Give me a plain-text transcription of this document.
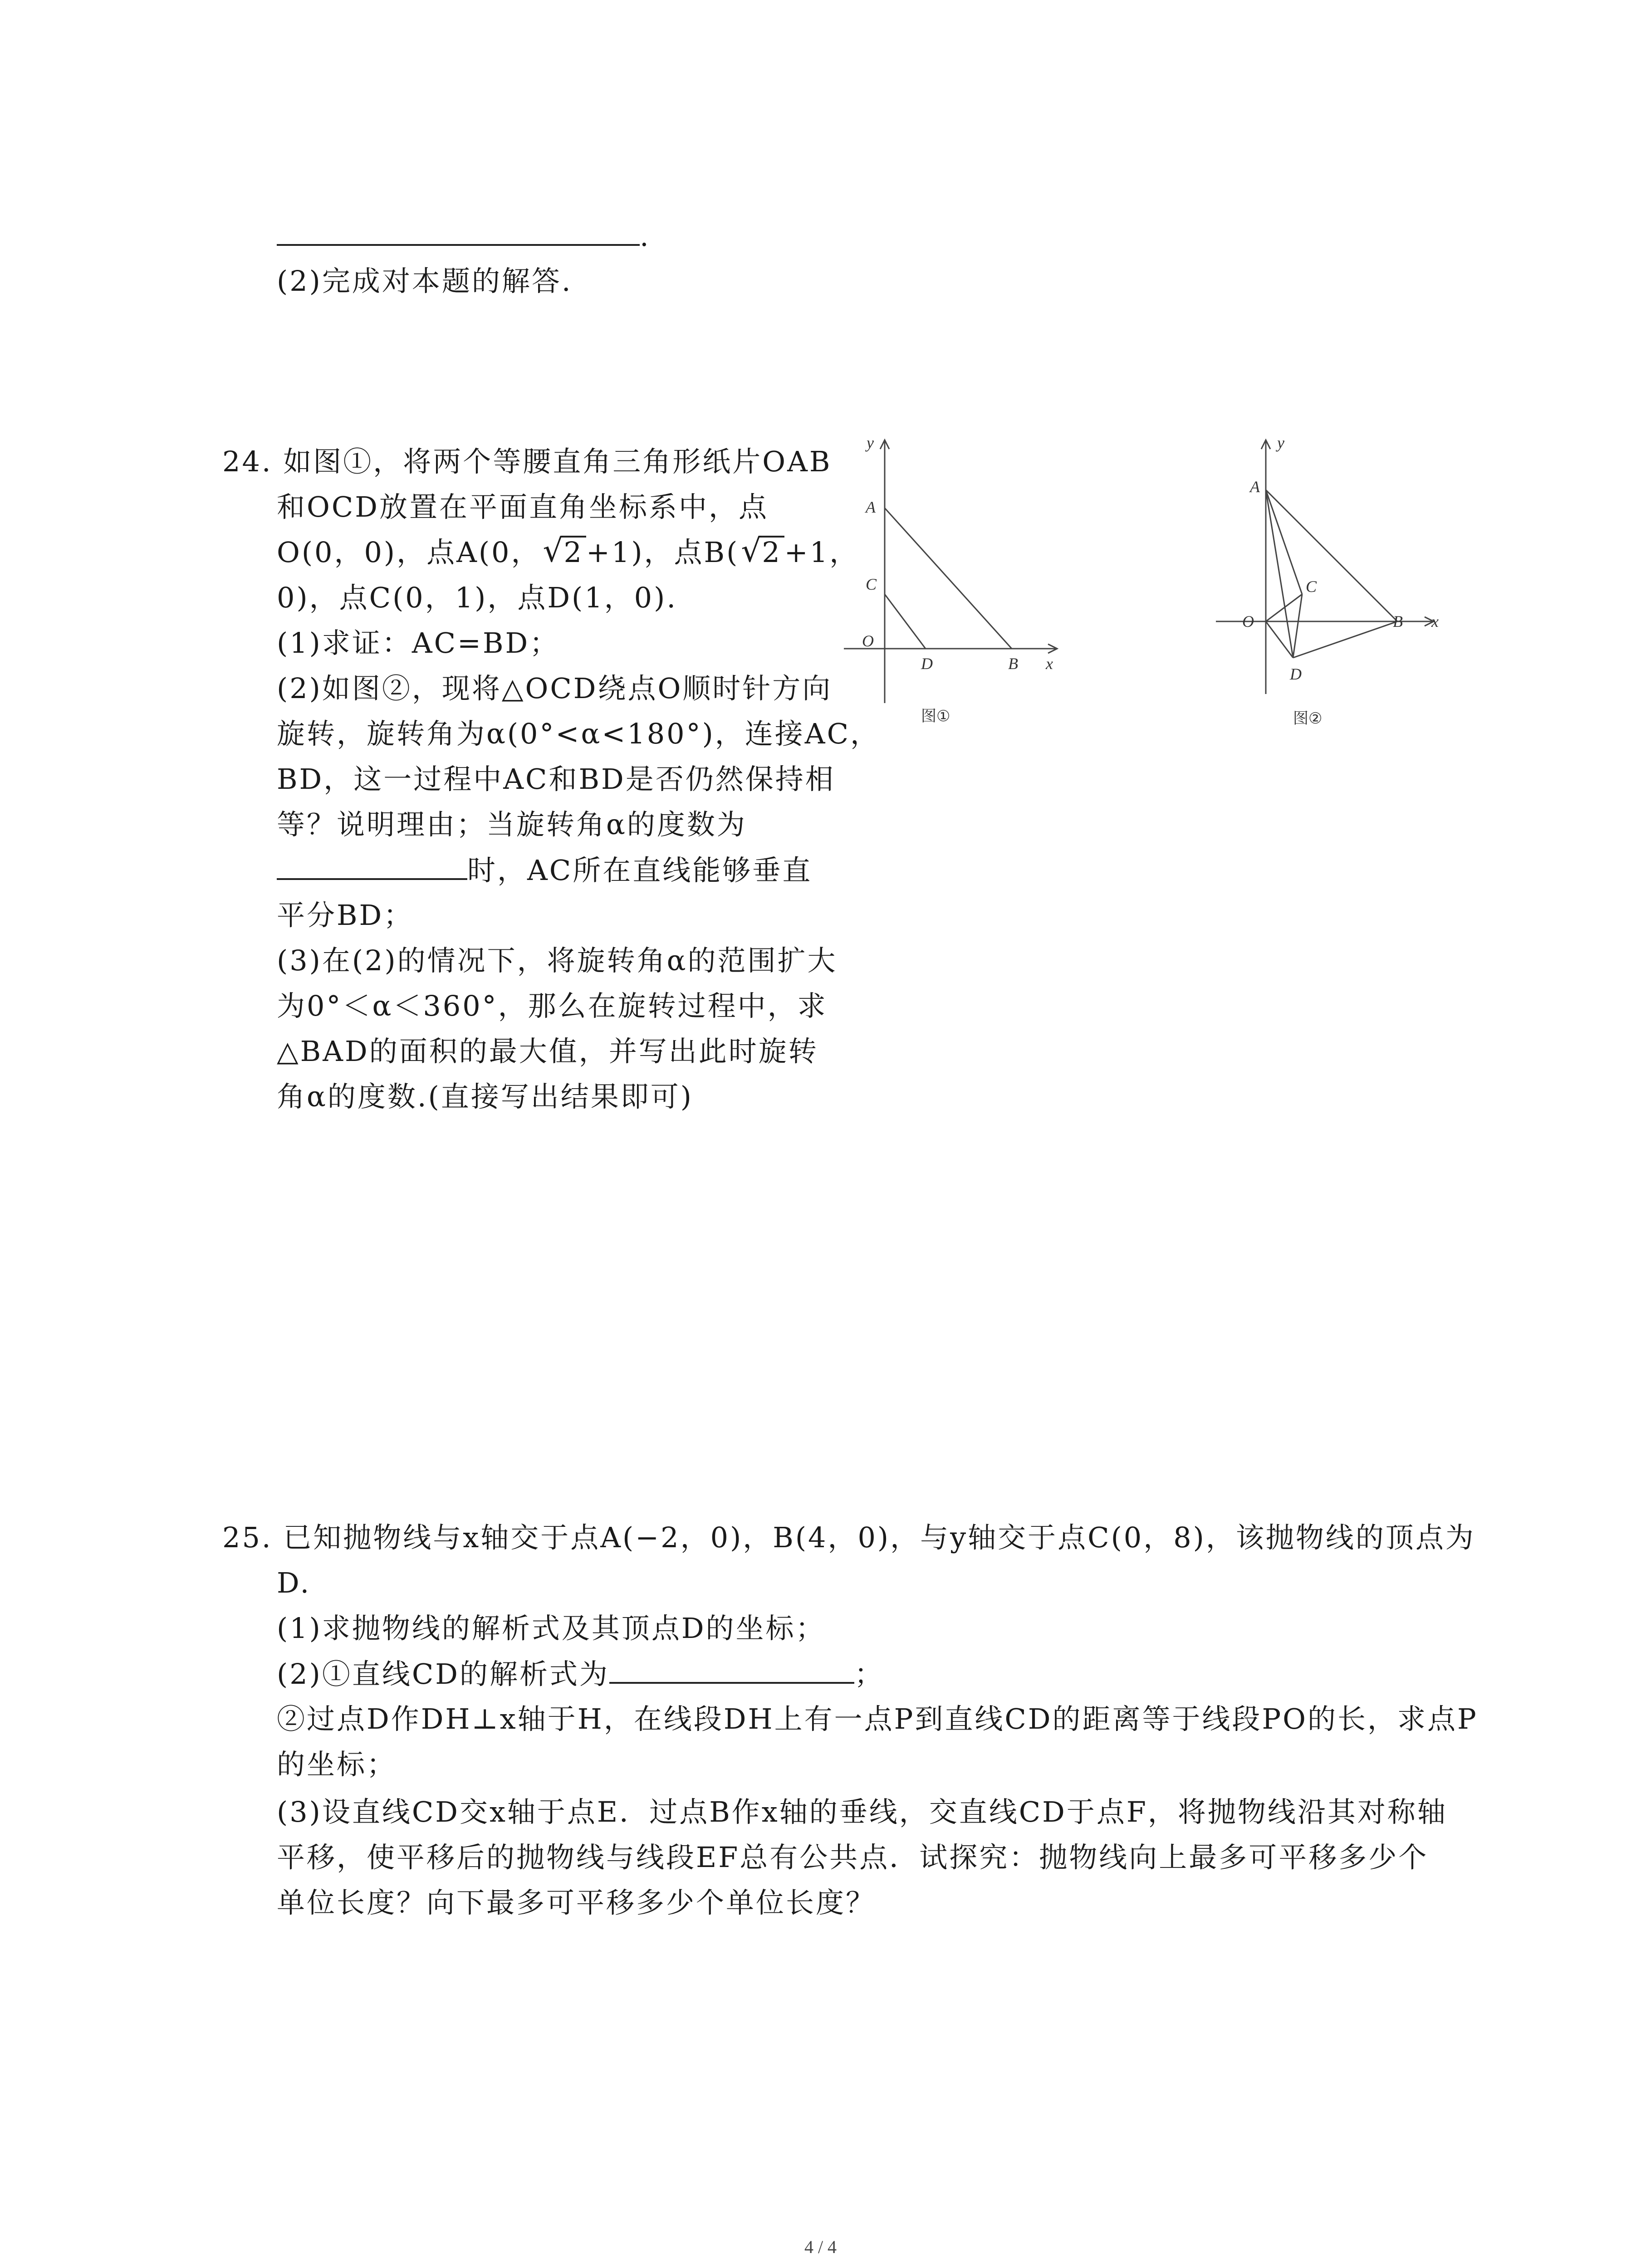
.
(2)完成对本题的解答.
24. 如图①，将两个等腰直角三角形纸片OAB
和OCD放置在平面直角坐标系中，点
O(0，0)，点A(0， √
2+1)，点B( √
2+1，
0)，点C(0，1)，点D(1，0).
(1)求证：AC=BD；
(2)如图②，现将△OCD绕点O顺时针方向
旋转，旋转角为α(0°<α<180°)，连接AC，
BD，这一过程中AC和BD是否仍然保持相
等？说明理由；当旋转角α的度数为
时，AC所在直线能够垂直
平分BD；
(3)在(2)的情况下，将旋转角α的范围扩大
为0°＜α＜360°，那么在旋转过程中，求
△BAD的面积的最大值，并写出此时旋转
角α的度数.(直接写出结果即可)
y
A
C
O
D	B x
图①
y
A
C
O
D
B x
图②
25. 已知抛物线与x轴交于点A(−2，0)，B(4，0)，与y轴交于点C(0，8)，该抛物线的顶点为
D.
(1)求抛物线的解析式及其顶点D的坐标；
(2)①直线CD的解析式为	；
②过点D作DH⊥x轴于H，在线段DH上有一点P到直线CD的距离等于线段PO的长，求点P
的坐标；
(3)设直线CD交x轴于点E．过点B作x轴的垂线，交直线CD于点F，将抛物线沿其对称轴
平移，使平移后的抛物线与线段EF总有公共点．试探究：抛物线向上最多可平移多少个
单位长度？向下最多可平移多少个单位长度？
4 / 4
